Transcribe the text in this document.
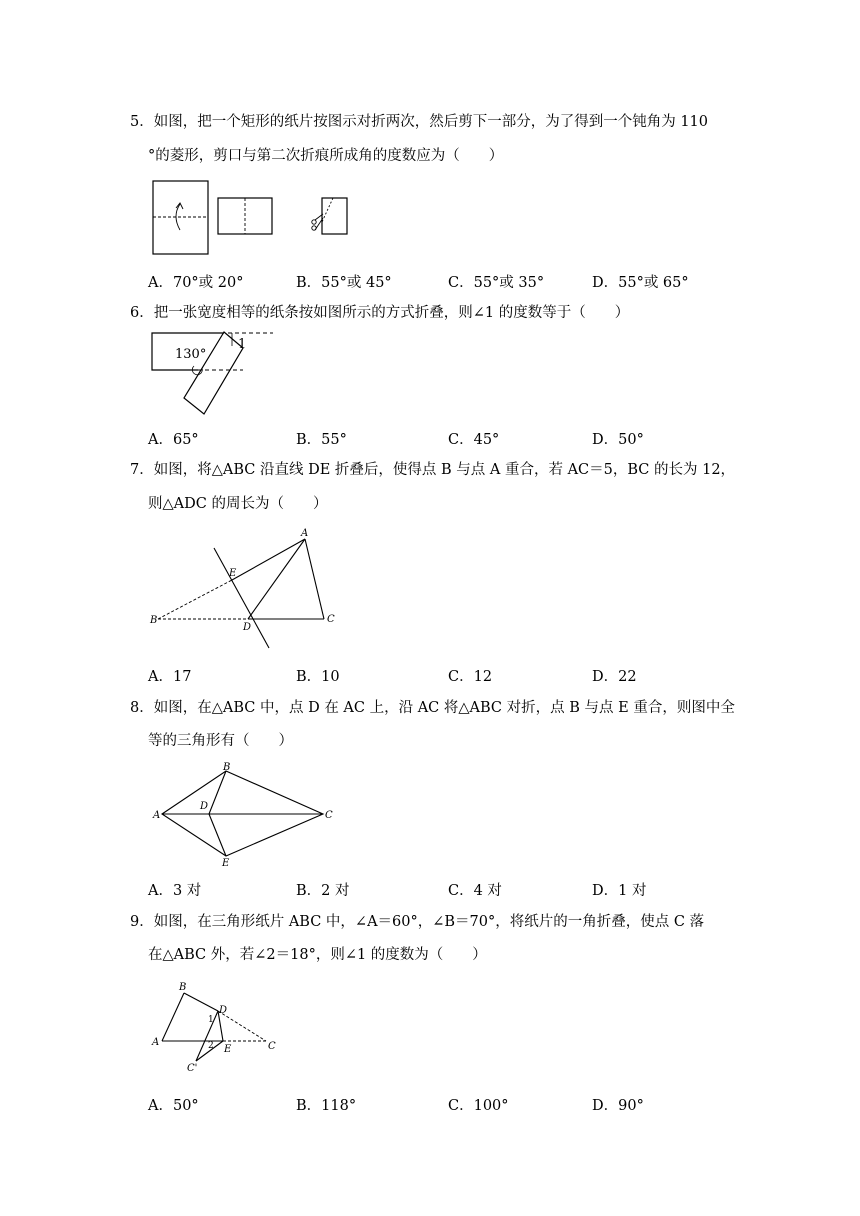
5．如图，把一个矩形的纸片按图示对折两次，然后剪下一部分，为了得到一个钝角为 110
°的菱形，剪口与第二次折痕所成角的度数应为（　　）
A．70°或 20°	B．55°或 45°	C．55°或 35°	D．55°或 65°
6．把一张宽度相等的纸条按如图所示的方式折叠，则∠1 的度数等于（　　）
130°
1
A．65°	B．55°	C．45°	D．50°
7．如图，将△ABC 沿直线 DE 折叠后，使得点 B 与点 A 重合，若 AC＝5，BC 的长为 12，
则△ADC 的周长为（　　）
A
B	C
D
E
A．17	B．10	C．12	D．22
8．如图，在△ABC 中，点 D 在 AC 上，沿 AC 将△ABC 对折，点 B 与点 E 重合，则图中全
等的三角形有（　　）
A
B
C
D
E
A．3 对	B．2 对	C．4 对	D．1 对
9．如图，在三角形纸片 ABC 中，∠A＝60°，∠B＝70°，将纸片的一角折叠，使点 C 落
在△ABC 外，若∠2＝18°，则∠1 的度数为（　　）
B
A	C
D
E
C'
1
2
A．50°	B．118°	C．100°	D．90°
